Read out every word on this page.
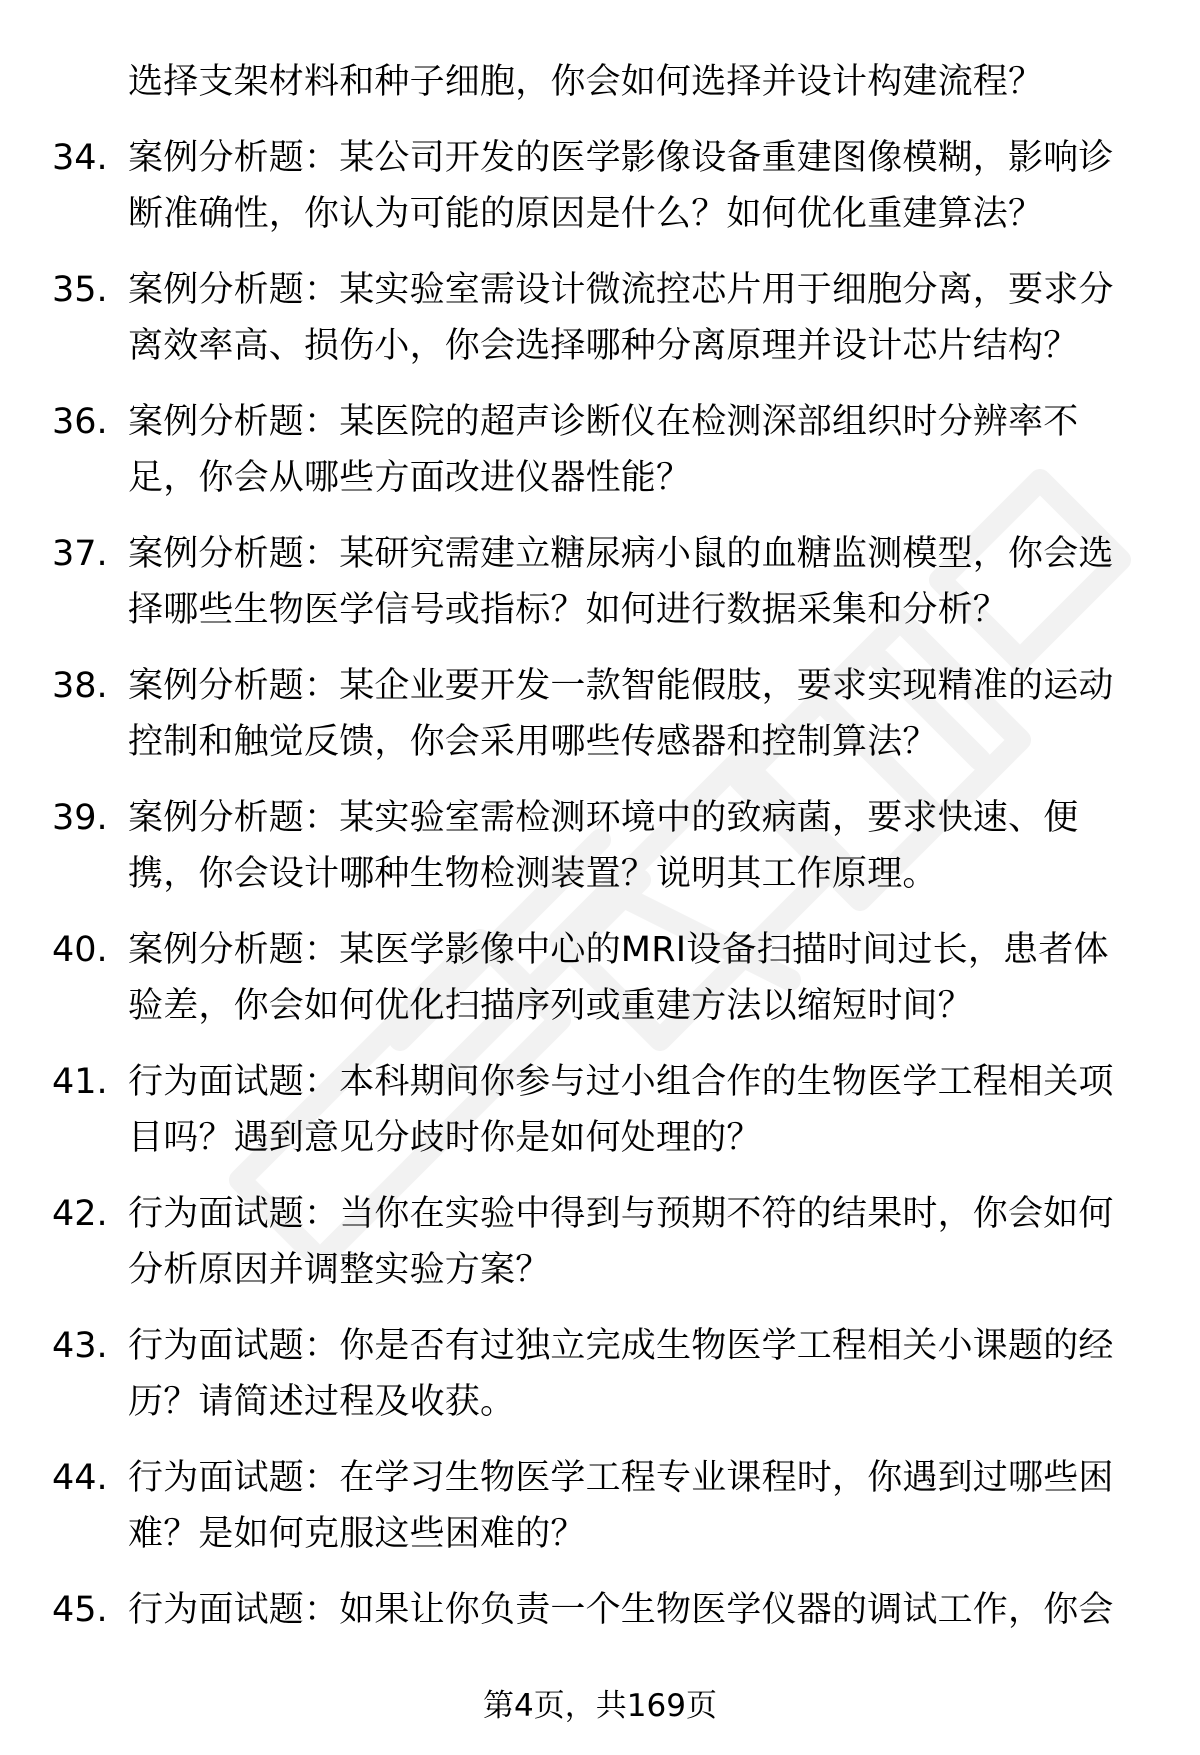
选择支架材料和种子细胞，你会如何选择并设计构建流程？
34. 案例分析题：某公司开发的医学影像设备重建图像模糊，影响诊
断准确性，你认为可能的原因是什么？如何优化重建算法？
35. 案例分析题：某实验室需设计微流控芯片用于细胞分离，要求分
离效率高、损伤小，你会选择哪种分离原理并设计芯片结构？
36. 案例分析题：某医院的超声诊断仪在检测深部组织时分辨率不
足，你会从哪些方面改进仪器性能？
37. 案例分析题：某研究需建立糖尿病小鼠的血糖监测模型，你会选
择哪些生物医学信号或指标？如何进行数据采集和分析？
38. 案例分析题：某企业要开发一款智能假肢，要求实现精准的运动
控制和触觉反馈，你会采用哪些传感器和控制算法？
39. 案例分析题：某实验室需检测环境中的致病菌，要求快速、便
携，你会设计哪种生物检测装置？说明其工作原理。
40. 案例分析题：某医学影像中心的MRI设备扫描时间过长，患者体
验差，你会如何优化扫描序列或重建方法以缩短时间？
41. 行为面试题：本科期间你参与过小组合作的生物医学工程相关项
目吗？遇到意见分歧时你是如何处理的？
42. 行为面试题：当你在实验中得到与预期不符的结果时，你会如何
分析原因并调整实验方案？
43. 行为面试题：你是否有过独立完成生物医学工程相关小课题的经
历？请简述过程及收获。
44. 行为面试题：在学习生物医学工程专业课程时，你遇到过哪些困
难？是如何克服这些困难的？
45. 行为面试题：如果让你负责一个生物医学仪器的调试工作，你会
第4页，共169页
